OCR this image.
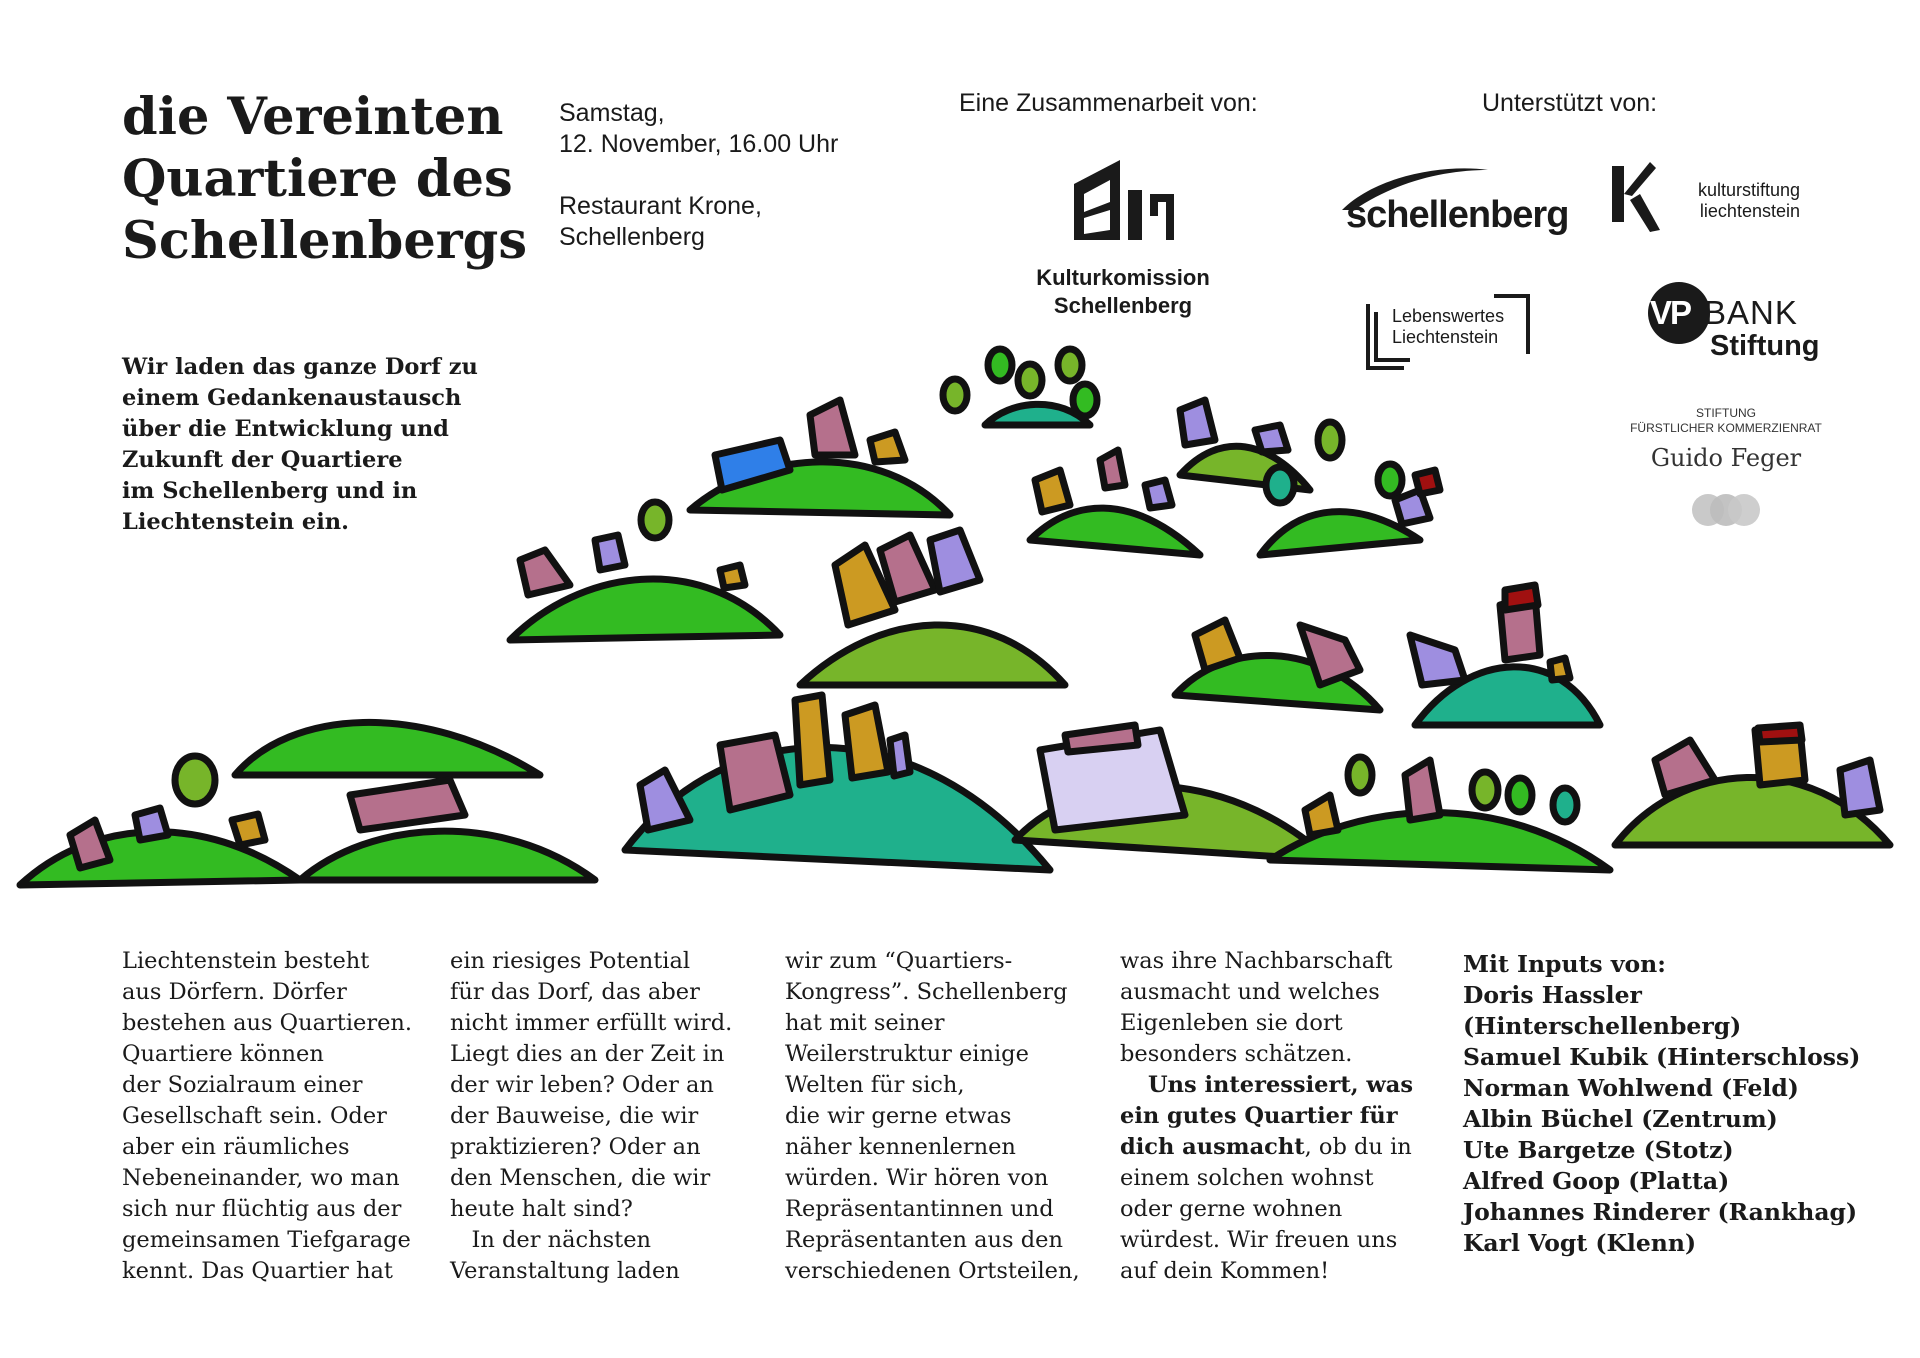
die Vereinten
Quartiere des
Schellenbergs
Samstag,
12. November, 16.00 Uhr
Restaurant Krone,
Schellenberg
Eine Zusammenarbeit von:
Kulturkomission
Schellenberg
Unterstützt von:
schellenberg
kulturstiftung
liechtenstein
Lebenswertes
Liechtenstein
VP BANK
Stiftung
STIFTUNG
FÜRSTLICHER KOMMERZIENRAT
Guido Feger
Wir laden das ganze Dorf zu
einem Gedankenaustausch
über die Entwicklung und
Zukunft der Quartiere
im Schellenberg und in
Liechtenstein ein.
Liechtenstein besteht
aus Dörfern. Dörfer
bestehen aus Quartieren.
Quartiere können
der Sozialraum einer
Gesellschaft sein. Oder
aber ein räumliches
Nebeneinander, wo man
sich nur flüchtig aus der
gemeinsamen Tiefgarage
kennt. Das Quartier hat
ein riesiges Potential
für das Dorf, das aber
nicht immer erfüllt wird.
Liegt dies an der Zeit in
der wir leben? Oder an
der Bauweise, die wir
praktizieren? Oder an
den Menschen, die wir
heute halt sind?
In der nächsten
Veranstaltung laden
wir zum “Quartiers-
Kongress”. Schellenberg
hat mit seiner
Weilerstruktur einige
Welten für sich,
die wir gerne etwas
näher kennenlernen
würden. Wir hören von
Repräsentantinnen und
Repräsentanten aus den
verschiedenen Ortsteilen,
was ihre Nachbarschaft
ausmacht und welches
Eigenleben sie dort
besonders schätzen.
Uns interessiert, was
ein gutes Quartier für
dich ausmacht, ob du in
einem solchen wohnst
oder gerne wohnen
würdest. Wir freuen uns
auf dein Kommen!
Mit Inputs von:
Doris Hassler
(Hinterschellenberg)
Samuel Kubik (Hinterschloss)
Norman Wohlwend (Feld)
Albin Büchel (Zentrum)
Ute Bargetze (Stotz)
Alfred Goop (Platta)
Johannes Rinderer (Rankhag)
Karl Vogt (Klenn)
